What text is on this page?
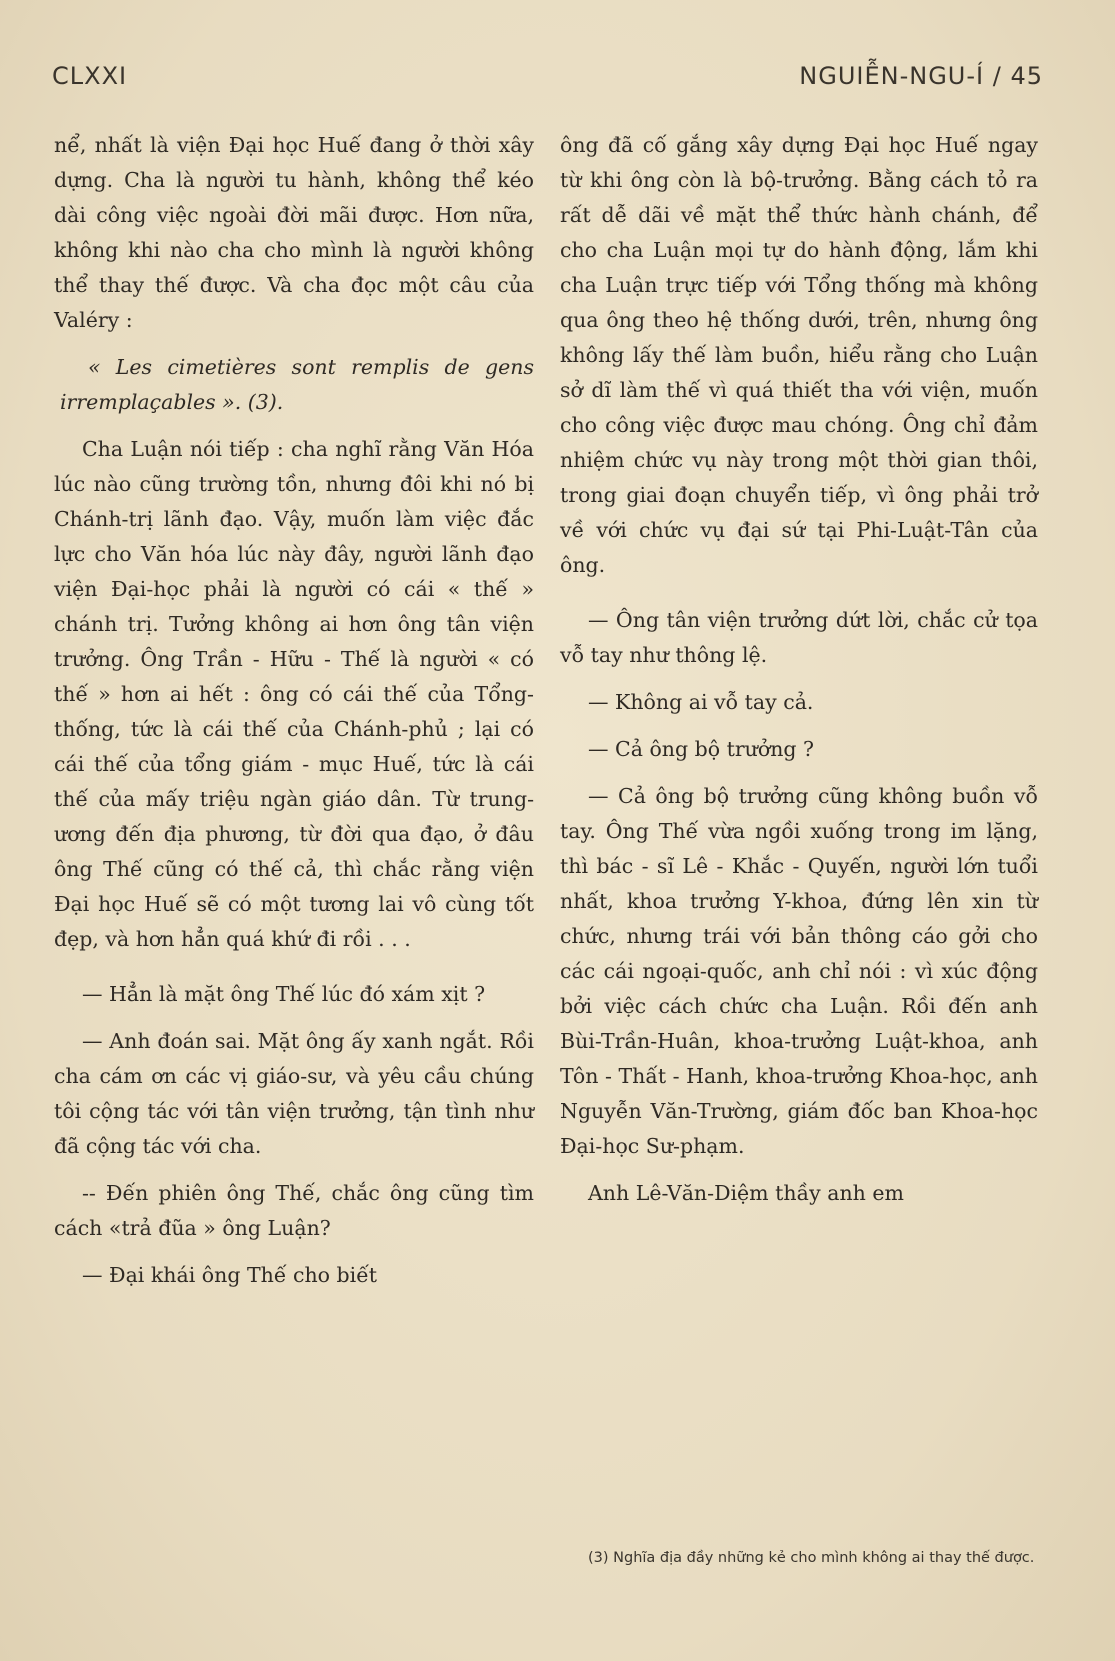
CLXXI	NGUIỄN-NGU-Í / 45

nể, nhất là viện Đại học Huế đang ở thời xây dựng. Cha là người tu hành, không thể kéo dài công việc ngoài đời mãi được. Hơn nữa, không khi nào cha cho mình là người không thể thay thế được. Và cha đọc một câu của Valéry :

« Les cimetières sont remplis de gens irremplaçables ». (3).

Cha Luận nói tiếp : cha nghĩ rằng Văn Hóa lúc nào cũng trường tồn, nhưng đôi khi nó bị Chánh-trị lãnh đạo. Vậy, muốn làm việc đắc lực cho Văn hóa lúc này đây, người lãnh đạo viện Đại-học phải là người có cái « thế » chánh trị. Tưởng không ai hơn ông tân viện trưởng. Ông Trần - Hữu - Thế là người « có thế » hơn ai hết : ông có cái thế của Tổng-thống, tức là cái thế của Chánh-phủ ; lại có cái thế của tổng giám - mục Huế, tức là cái thế của mấy triệu ngàn giáo dân. Từ trung-ương đến địa phương, từ đời qua đạo, ở đâu ông Thế cũng có thế cả, thì chắc rằng viện Đại học Huế sẽ có một tương lai vô cùng tốt đẹp, và hơn hẳn quá khứ đi rồi . . .

— Hẳn là mặt ông Thế lúc đó xám xịt ?

— Anh đoán sai. Mặt ông ấy xanh ngắt. Rồi cha cám ơn các vị giáo-sư, và yêu cầu chúng tôi cộng tác với tân viện trưởng, tận tình như đã cộng tác với cha.

-- Đến phiên ông Thế, chắc ông cũng tìm cách «trả đũa » ông Luận?

— Đại khái ông Thế cho biết

ông đã cố gắng xây dựng Đại học Huế ngay từ khi ông còn là bộ-trưởng. Bằng cách tỏ ra rất dễ dãi về mặt thể thức hành chánh, để cho cha Luận mọi tự do hành động, lắm khi cha Luận trực tiếp với Tổng thống mà không qua ông theo hệ thống dưới, trên, nhưng ông không lấy thế làm buồn, hiểu rằng cho Luận sở dĩ làm thế vì quá thiết tha với viện, muốn cho công việc được mau chóng. Ông chỉ đảm nhiệm chức vụ này trong một thời gian thôi, trong giai đoạn chuyển tiếp, vì ông phải trở về với chức vụ đại sứ tại Phi-Luật-Tân của ông.

— Ông tân viện trưởng dứt lời, chắc cử tọa vỗ tay như thông lệ.

— Không ai vỗ tay cả.

— Cả ông bộ trưởng ?

— Cả ông bộ trưởng cũng không buồn vỗ tay. Ông Thế vừa ngồi xuống trong im lặng, thì bác - sĩ Lê - Khắc - Quyến, người lớn tuổi nhất, khoa trưởng Y-khoa, đứng lên xin từ chức, nhưng trái với bản thông cáo gởi cho các cái ngoại-quốc, anh chỉ nói : vì xúc động bởi việc cách chức cha Luận. Rồi đến anh Bùi-Trần-Huân, khoa-trưởng Luật-khoa, anh Tôn - Thất - Hanh, khoa-trưởng Khoa-học, anh Nguyễn Văn-Trường, giám đốc ban Khoa-học Đại-học Sư-phạm.

Anh Lê-Văn-Diệm thầy anh em

(3) Nghĩa địa đầy những kẻ cho mình không ai thay thế được.
